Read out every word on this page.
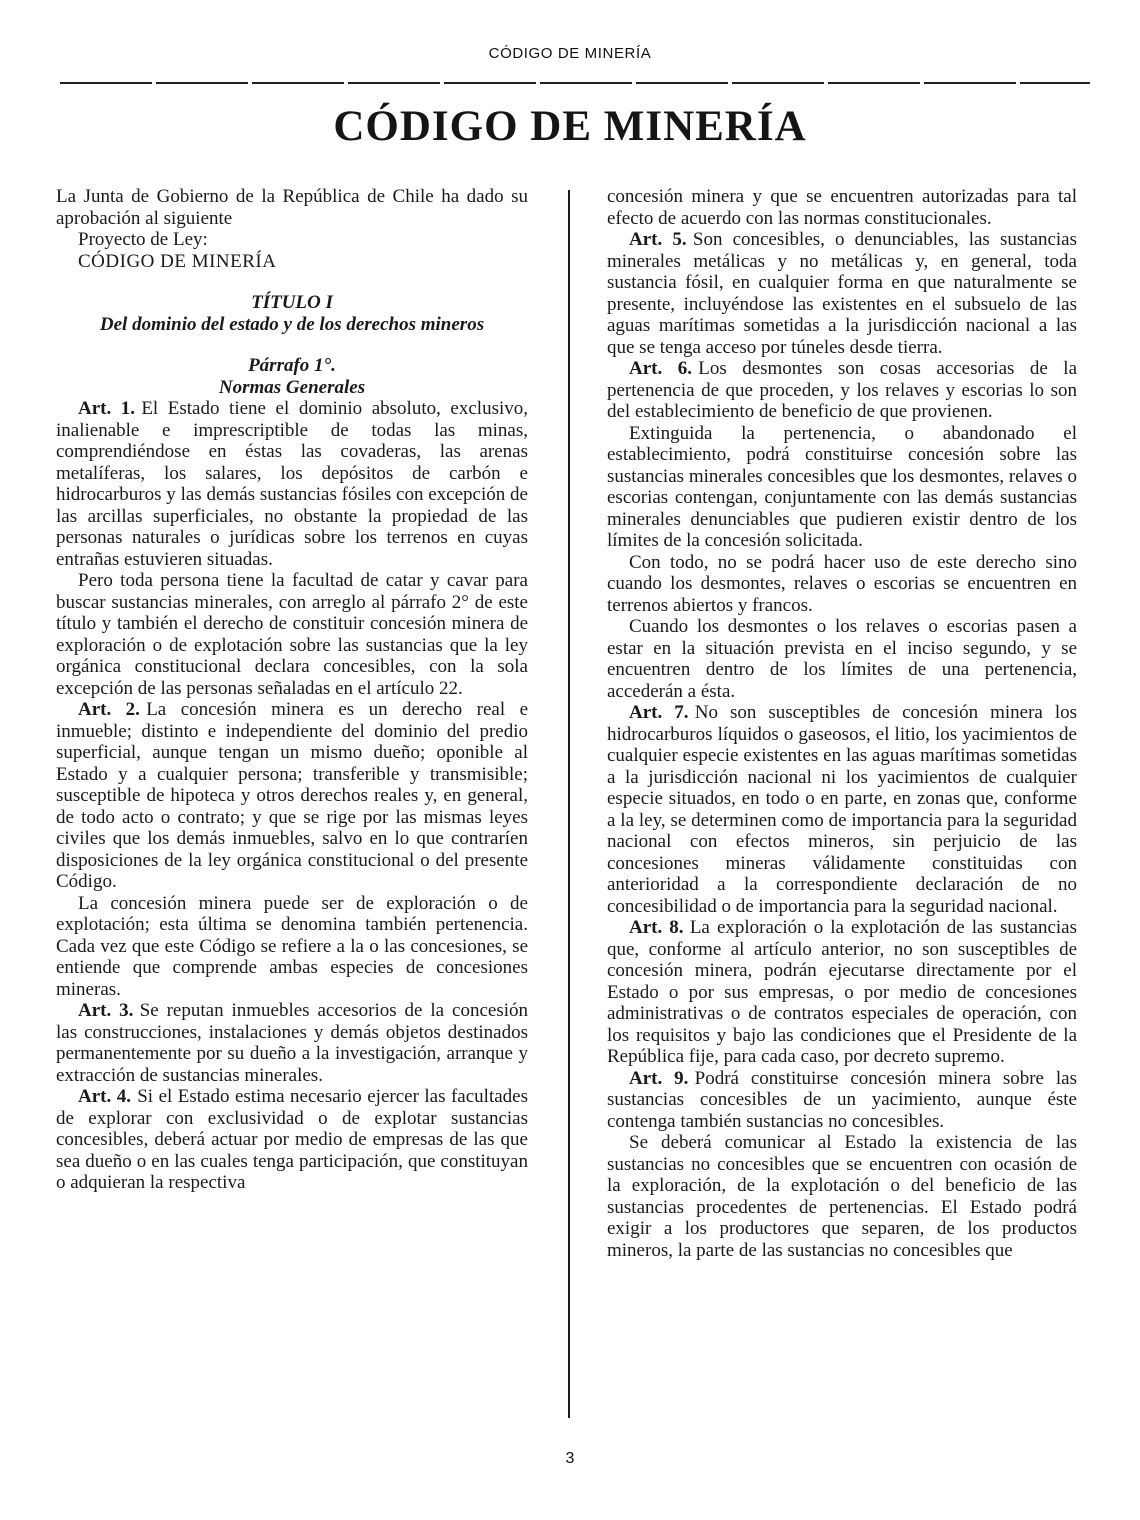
CÓDIGO DE MINERÍA
CÓDIGO DE MINERÍA

La Junta de Gobierno de la República de Chile ha dado su aprobación al siguiente

Proyecto de Ley:

CÓDIGO DE MINERÍA

TÍTULO I
Del dominio del estado y de los derechos mineros
Párrafo 1°.
Normas Generales

Art. 1. El Estado tiene el dominio absoluto, exclusivo, inalienable e imprescriptible de todas las minas, comprendiéndose en éstas las covaderas, las arenas metalíferas, los salares, los depósitos de carbón e hidrocarburos y las demás sustancias fósiles con excepción de las arcillas superficiales, no obstante la propiedad de las personas naturales o jurídicas sobre los terrenos en cuyas entrañas estuvieren situadas.

Pero toda persona tiene la facultad de catar y cavar para buscar sustancias minerales, con arreglo al párrafo 2° de este título y también el derecho de constituir concesión minera de exploración o de explotación sobre las sustancias que la ley orgánica constitucional declara concesibles, con la sola excepción de las personas señaladas en el artículo 22.

Art. 2. La concesión minera es un derecho real e inmueble; distinto e independiente del dominio del predio superficial, aunque tengan un mismo dueño; oponible al Estado y a cualquier persona; transferible y transmisible; susceptible de hipoteca y otros derechos reales y, en general, de todo acto o contrato; y que se rige por las mismas leyes civiles que los demás inmuebles, salvo en lo que contraríen disposiciones de la ley orgánica constitucional o del presente Código.

La concesión minera puede ser de exploración o de explotación; esta última se denomina también pertenencia. Cada vez que este Código se refiere a la o las concesiones, se entiende que comprende ambas especies de concesiones mineras.

Art. 3. Se reputan inmuebles accesorios de la concesión las construcciones, instalaciones y demás objetos destinados permanentemente por su dueño a la investigación, arranque y extracción de sustancias minerales.

Art. 4. Si el Estado estima necesario ejercer las facultades de explorar con exclusividad o de explotar sustancias concesibles, deberá actuar por medio de empresas de las que sea dueño o en las cuales tenga participación, que constituyan o adquieran la respectiva

concesión minera y que se encuentren autorizadas para tal efecto de acuerdo con las normas constitucionales.

Art. 5. Son concesibles, o denunciables, las sustancias minerales metálicas y no metálicas y, en general, toda sustancia fósil, en cualquier forma en que naturalmente se presente, incluyéndose las existentes en el subsuelo de las aguas marítimas sometidas a la jurisdicción nacional a las que se tenga acceso por túneles desde tierra.

Art. 6. Los desmontes son cosas accesorias de la pertenencia de que proceden, y los relaves y escorias lo son del establecimiento de beneficio de que provienen.

Extinguida la pertenencia, o abandonado el establecimiento, podrá constituirse concesión sobre las sustancias minerales concesibles que los desmontes, relaves o escorias contengan, conjuntamente con las demás sustancias minerales denunciables que pudieren existir dentro de los límites de la concesión solicitada.

Con todo, no se podrá hacer uso de este derecho sino cuando los desmontes, relaves o escorias se encuentren en terrenos abiertos y francos.

Cuando los desmontes o los relaves o escorias pasen a estar en la situación prevista en el inciso segundo, y se encuentren dentro de los límites de una pertenencia, accederán a ésta.

Art. 7. No son susceptibles de concesión minera los hidrocarburos líquidos o gaseosos, el litio, los yacimientos de cualquier especie existentes en las aguas marítimas sometidas a la jurisdicción nacional ni los yacimientos de cualquier especie situados, en todo o en parte, en zonas que, conforme a la ley, se determinen como de importancia para la seguridad nacional con efectos mineros, sin perjuicio de las concesiones mineras válidamente constituidas con anterioridad a la correspondiente declaración de no concesibilidad o de importancia para la seguridad nacional.

Art. 8. La exploración o la explotación de las sustancias que, conforme al artículo anterior, no son susceptibles de concesión minera, podrán ejecutarse directamente por el Estado o por sus empresas, o por medio de concesiones administrativas o de contratos especiales de operación, con los requisitos y bajo las condiciones que el Presidente de la República fije, para cada caso, por decreto supremo.

Art. 9. Podrá constituirse concesión minera sobre las sustancias concesibles de un yacimiento, aunque éste contenga también sustancias no concesibles.

Se deberá comunicar al Estado la existencia de las sustancias no concesibles que se encuentren con ocasión de la exploración, de la explotación o del beneficio de las sustancias procedentes de pertenencias. El Estado podrá exigir a los productores que separen, de los productos mineros, la parte de las sustancias no concesibles que

3
